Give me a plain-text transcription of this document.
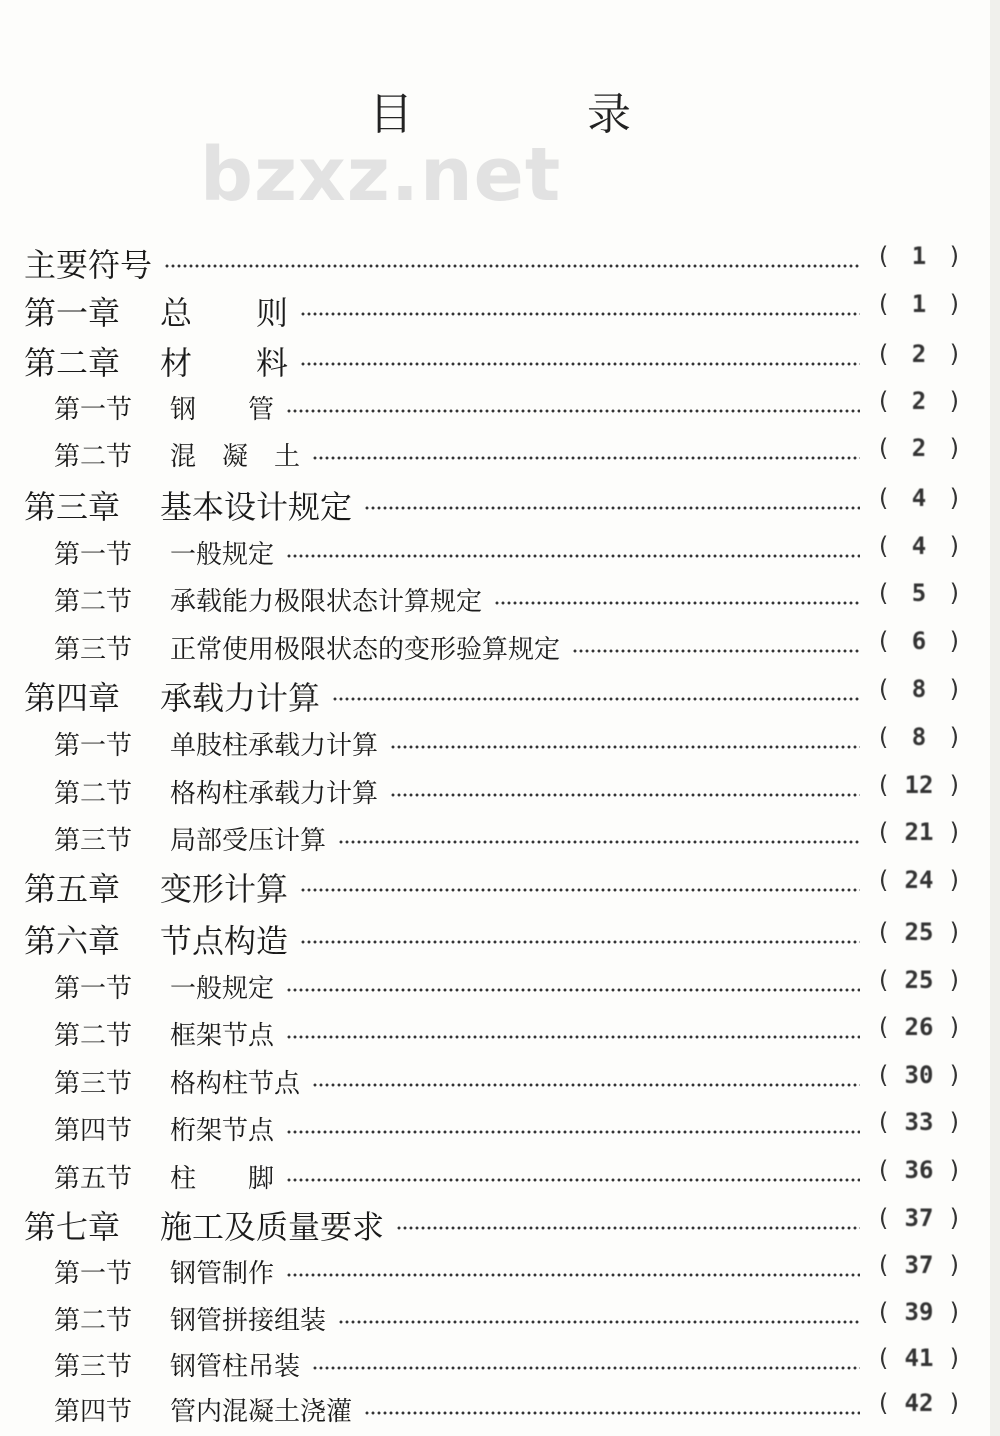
目 录
bzxz.net
主要符号	( 1 )
第一章 总　　则	( 1 )
第二章 材　　料	( 2 )
第一节 钢　　管	( 2 )
第二节 混　凝　土	( 2 )
第三章 基本设计规定	( 4 )
第一节 一般规定	( 4 )
第二节 承载能力极限状态计算规定	( 5 )
第三节 正常使用极限状态的变形验算规定	( 6 )
第四章 承载力计算	( 8 )
第一节 单肢柱承载力计算	( 8 )
第二节 格构柱承载力计算	( 12 )
第三节 局部受压计算	( 21 )
第五章 变形计算	( 24 )
第六章 节点构造	( 25 )
第一节 一般规定	( 25 )
第二节 框架节点	( 26 )
第三节 格构柱节点	( 30 )
第四节 桁架节点	( 33 )
第五节 柱　　脚	( 36 )
第七章 施工及质量要求	( 37 )
第一节 钢管制作	( 37 )
第二节 钢管拼接组装	( 39 )
第三节 钢管柱吊装	( 41 )
第四节 管内混凝土浇灌	( 42 )
